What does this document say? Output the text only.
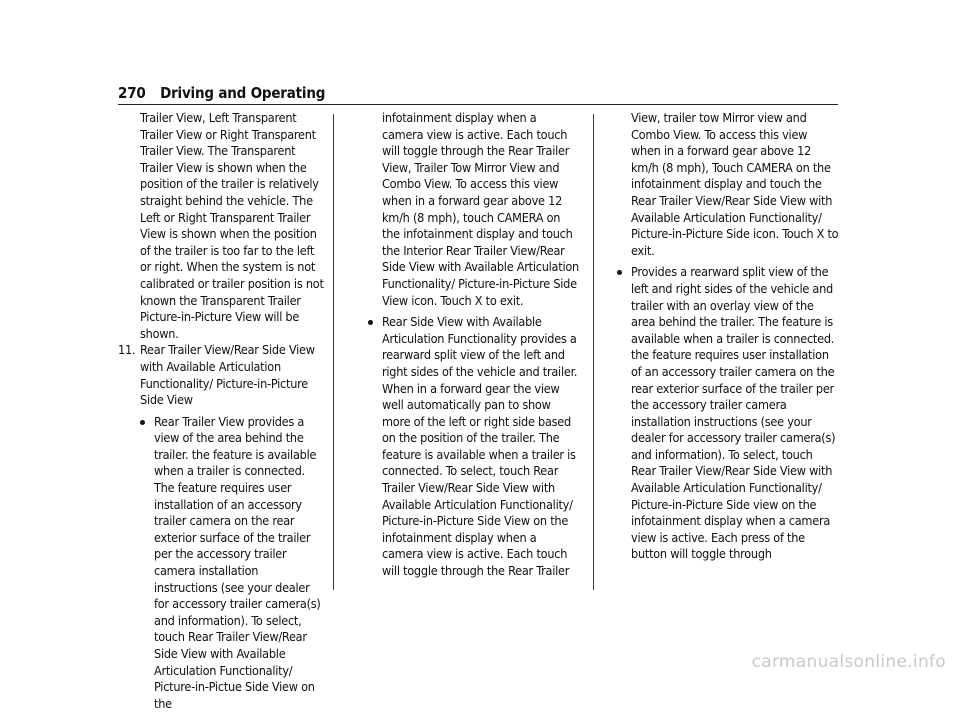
270 Driving and Operating

Trailer View, Left Transparent Trailer View or Right Transparent Trailer View. The Transparent Trailer View is shown when the position of the trailer is relatively straight behind the vehicle. The Left or Right Transparent Trailer View is shown when the position of the trailer is too far to the left or right. When the system is not calibrated or trailer position is not known the Transparent Trailer Picture-in-Picture View will be shown.

11. Rear Trailer View/Rear Side View with Available Articulation Functionality/ Picture-in-Picture Side View

Rear Trailer View provides a view of the area behind the trailer. the feature is available when a trailer is connected. The feature requires user installation of an accessory trailer camera on the rear exterior surface of the trailer per the accessory trailer camera installation instructions (see your dealer for accessory trailer camera(s) and information). To select, touch Rear Trailer View/Rear Side View with Available Articulation Functionality/ Picture-in-Pictue Side View on the

infotainment display when a camera view is active. Each touch will toggle through the Rear Trailer View, Trailer Tow Mirror View and Combo View. To access this view when in a forward gear above 12 km/h (8 mph), touch CAMERA on the infotainment display and touch the Interior Rear Trailer View/Rear Side View with Available Articulation Functionality/ Picture-in-Picture Side View icon. Touch X to exit.

Rear Side View with Available Articulation Functionality provides a rearward split view of the left and right sides of the vehicle and trailer. When in a forward gear the view well automatically pan to show more of the left or right side based on the position of the trailer. The feature is available when a trailer is connected. To select, touch Rear Trailer View/Rear Side View with Available Articulation Functionality/ Picture-in-Picture Side View on the infotainment display when a camera view is active. Each touch will toggle through the Rear Trailer

View, trailer tow Mirror view and Combo View. To access this view when in a forward gear above 12 km/h (8 mph), Touch CAMERA on the infotainment display and touch the Rear Trailer View/Rear Side View with Available Articulation Functionality/ Picture-in-Picture Side icon. Touch X to exit.

Provides a rearward split view of the left and right sides of the vehicle and trailer with an overlay view of the area behind the trailer. The feature is available when a trailer is connected. the feature requires user installation of an accessory trailer camera on the rear exterior surface of the trailer per the accessory trailer camera installation instructions (see your dealer for accessory trailer camera(s) and information). To select, touch Rear Trailer View/Rear Side View with Available Articulation Functionality/ Picture-in-Picture Side view on the infotainment display when a camera view is active. Each press of the button will toggle through

carmanualsonline.info
